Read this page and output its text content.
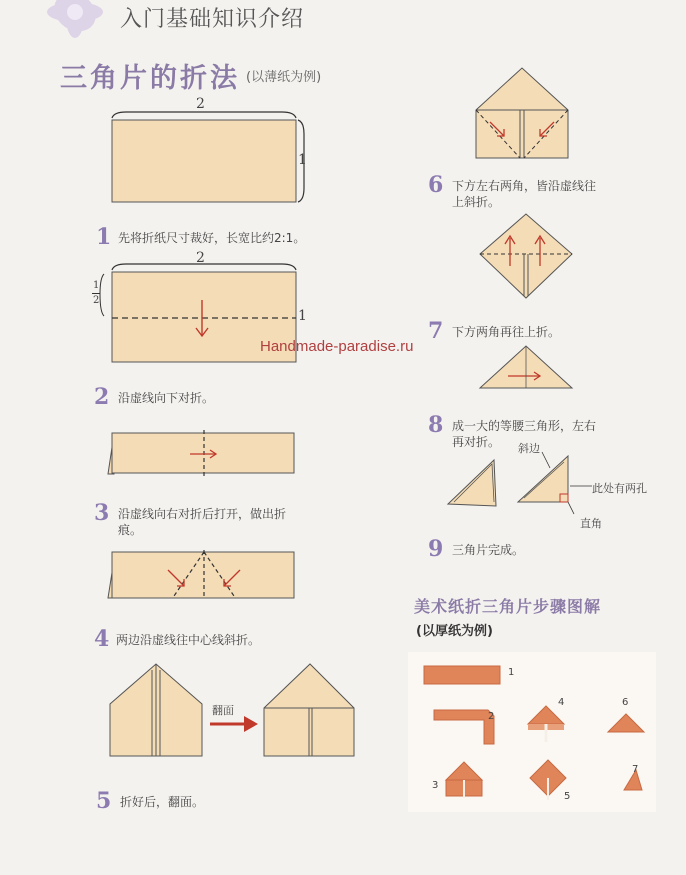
入门基础知识介绍
三角片的折法 (以薄纸为例)
2
1
1 先将折纸尺寸裁好，长宽比约2:1。
2
1
2
1
Handmade-paradise.ru
2 沿虚线向下对折。
3 沿虚线向右对折后打开，做出折
痕。
4 两边沿虚线往中心线斜折。
翻面
5 折好后，翻面。
6 下方左右两角，皆沿虚线往
上斜折。
7 下方两角再往上折。
8 成一大的等腰三角形，左右
再对折。 斜边
此处有两孔
直角
9 三角片完成。
美术纸折三角片步骤图解
(以厚纸为例)
1
2
3
4
5
6
7
